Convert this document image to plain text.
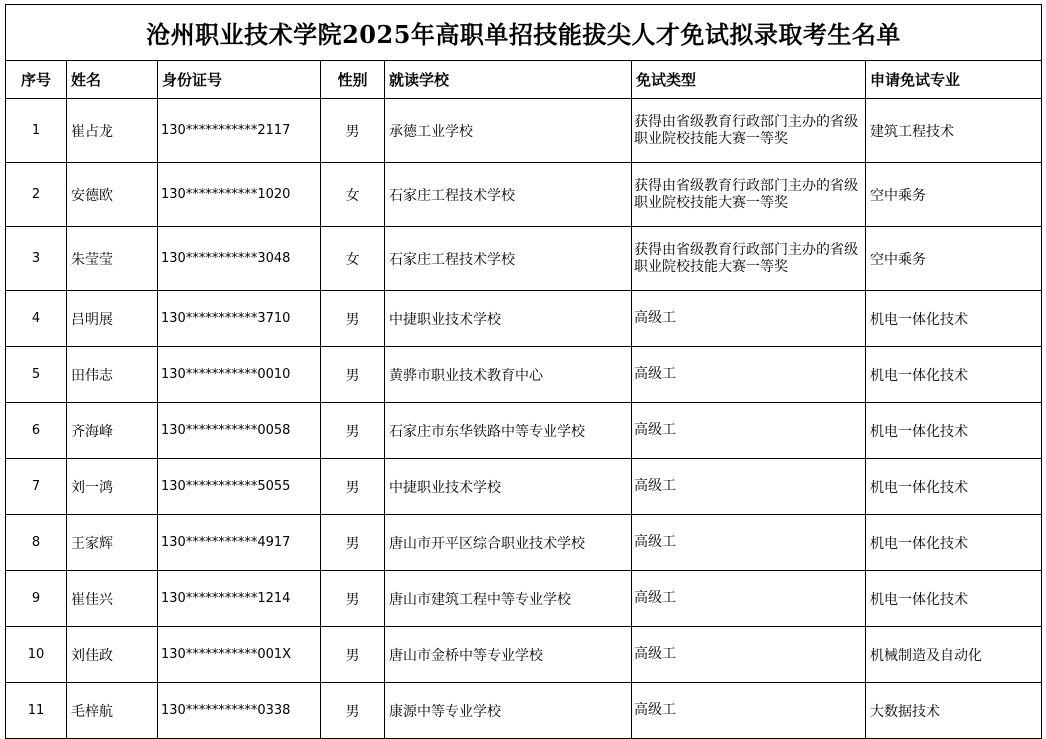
沧州职业技术学院2025年高职单招技能拔尖人才免试拟录取考生名单						
序号	姓名	身份证号	性别	就读学校	免试类型	申请免试专业
1	崔占龙	130***********2117	男	承德工业学校	获得由省级教育行政部门主办的省级职业院校技能大赛一等奖	建筑工程技术
2	安德欧	130***********1020	女	石家庄工程技术学校	获得由省级教育行政部门主办的省级职业院校技能大赛一等奖	空中乘务
3	朱莹莹	130***********3048	女	石家庄工程技术学校	获得由省级教育行政部门主办的省级职业院校技能大赛一等奖	空中乘务
4	吕明展	130***********3710	男	中捷职业技术学校	高级工	机电一体化技术
5	田伟志	130***********0010	男	黄骅市职业技术教育中心	高级工	机电一体化技术
6	齐海峰	130***********0058	男	石家庄市东华铁路中等专业学校	高级工	机电一体化技术
7	刘一鸿	130***********5055	男	中捷职业技术学校	高级工	机电一体化技术
8	王家辉	130***********4917	男	唐山市开平区综合职业技术学校	高级工	机电一体化技术
9	崔佳兴	130***********1214	男	唐山市建筑工程中等专业学校	高级工	机电一体化技术
10	刘佳政	130***********001X	男	唐山市金桥中等专业学校	高级工	机械制造及自动化
11	毛梓航	130***********0338	男	康源中等专业学校	高级工	大数据技术
